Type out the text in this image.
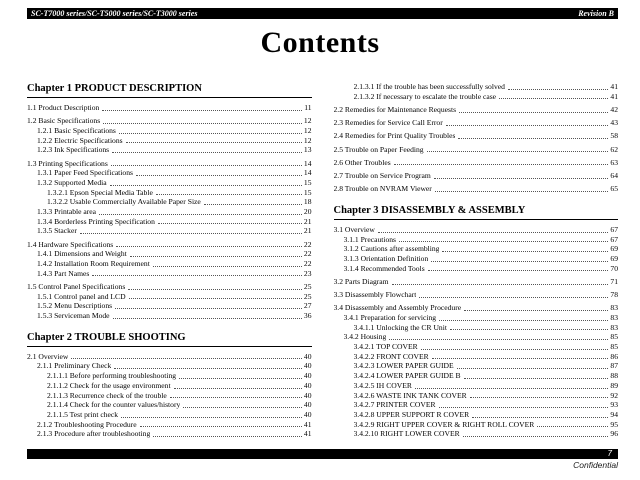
SC-T7000 series/SC-T5000 series/SC-T3000 series	Revision B
Contents
Chapter 1 PRODUCT DESCRIPTION
1.1 Product Description	11
1.2 Basic Specifications	12
1.2.1 Basic Specifications	12
1.2.2 Electric Specifications	12
1.2.3 Ink Specifications	13
1.3 Printing Specifications	14
1.3.1 Paper Feed Specifications	14
1.3.2 Supported Media	15
1.3.2.1 Epson Special Media Table	15
1.3.2.2 Usable Commercially Available Paper Size	18
1.3.3 Printable area	20
1.3.4 Borderless Printing Specification	21
1.3.5 Stacker	21
1.4 Hardware Specifications	22
1.4.1 Dimensions and Weight	22
1.4.2 Installation Room Requirement	22
1.4.3 Part Names	23
1.5 Control Panel Specifications	25
1.5.1 Control panel and LCD	25
1.5.2 Menu Descriptions	27
1.5.3 Serviceman Mode	36
Chapter 2 TROUBLE SHOOTING
2.1 Overview	40
2.1.1 Preliminary Check	40
2.1.1.1 Before performing troubleshooting	40
2.1.1.2 Check for the usage environment	40
2.1.1.3 Recurrence check of the trouble	40
2.1.1.4 Check for the counter values/history	40
2.1.1.5 Test print check	40
2.1.2 Troubleshooting Procedure	41
2.1.3 Procedure after troubleshooting	41
2.1.3.1 If the trouble has been successfully solved	41
2.1.3.2 If necessary to escalate the trouble case	41
2.2 Remedies for Maintenance Requests	42
2.3 Remedies for Service Call Error	43
2.4 Remedies for Print Quality Troubles	58
2.5 Trouble on Paper Feeding	62
2.6 Other Troubles	63
2.7 Trouble on Service Program	64
2.8 Trouble on NVRAM Viewer	65
Chapter 3 DISASSEMBLY & ASSEMBLY
3.1 Overview	67
3.1.1 Precautions	67
3.1.2 Cautions after assembling	69
3.1.3 Orientation Definition	69
3.1.4 Recommended Tools	70
3.2 Parts Diagram	71
3.3 Disassembly Flowchart	78
3.4 Disassembly and Assembly Procedure	83
3.4.1 Preparation for servicing	83
3.4.1.1 Unlocking the CR Unit	83
3.4.2 Housing	85
3.4.2.1 TOP COVER	85
3.4.2.2 FRONT COVER	86
3.4.2.3 LOWER PAPER GUIDE	87
3.4.2.4 LOWER PAPER GUIDE B	88
3.4.2.5 IH COVER	89
3.4.2.6 WASTE INK TANK COVER	92
3.4.2.7 PRINTER COVER	93
3.4.2.8 UPPER SUPPORT R COVER	94
3.4.2.9 RIGHT UPPER COVER & RIGHT ROLL COVER	95
3.4.2.10 RIGHT LOWER COVER	96
7
Confidential
